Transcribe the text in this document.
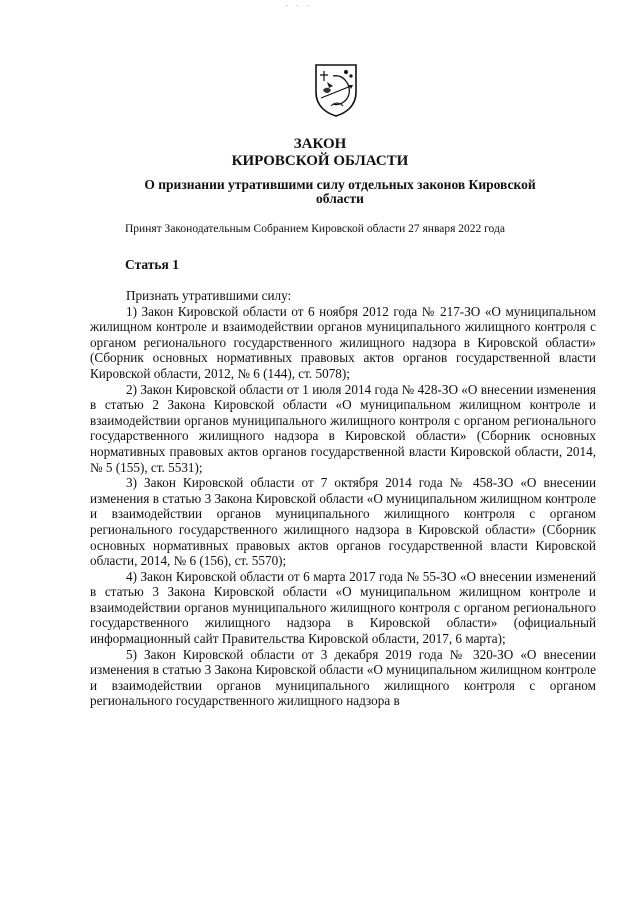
· · ·
ЗАКОН
КИРОВСКОЙ ОБЛАСТИ
О признании утратившими силу отдельных законов Кировской области
Принят Законодательным Собранием Кировской области 27 января 2022 года
Статья 1

Признать утратившими силу:

1) Закон Кировской области от 6 ноября 2012 года № 217-ЗО «О муниципальном жилищном контроле и взаимодействии органов муниципального жилищного контроля с органом регионального государственного жилищного надзора в Кировской области» (Сборник основных нормативных правовых актов органов государственной власти Кировской области, 2012, № 6 (144), ст. 5078);

2) Закон Кировской области от 1 июля 2014 года № 428-ЗО «О внесении изменения в статью 2 Закона Кировской области «О муниципальном жилищном контроле и взаимодействии органов муниципального жилищного контроля с органом регионального государственного жилищного надзора в Кировской области» (Сборник основных нормативных правовых актов органов государственной власти Кировской области, 2014, № 5 (155), ст. 5531);

3) Закон Кировской области от 7 октября 2014 года № 458-ЗО «О внесении изменения в статью 3 Закона Кировской области «О муниципальном жилищном контроле и взаимодействии органов муниципального жилищного контроля с органом регионального государственного жилищного надзора в Кировской области» (Сборник основных нормативных правовых актов органов государственной власти Кировской области, 2014, № 6 (156), ст. 5570);

4) Закон Кировской области от 6 марта 2017 года № 55-ЗО «О внесении изменений в статью 3 Закона Кировской области «О муниципальном жилищном контроле и взаимодействии органов муниципального жилищного контроля с органом регионального государственного жилищного надзора в Кировской области» (официальный информационный сайт Правительства Кировской области, 2017, 6 марта);

5) Закон Кировской области от 3 декабря 2019 года № 320-ЗО «О внесении изменения в статью 3 Закона Кировской области «О муниципальном жилищном контроле и взаимодействии органов муниципального жилищного контроля с органом регионального государственного жилищного надзора в
